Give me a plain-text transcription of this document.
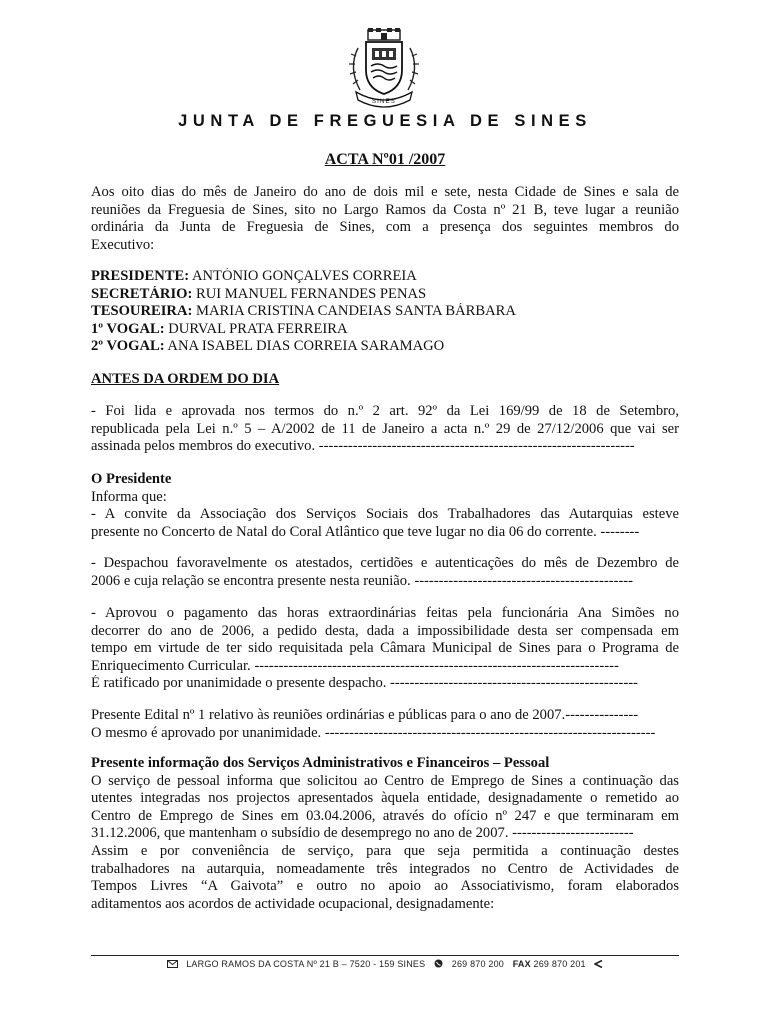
SINES
JUNTA DE FREGUESIA DE SINES
ACTA Nº01 /2007
Aos oito dias do mês de Janeiro do ano de dois mil e sete, nesta Cidade de Sines e sala de
reuniões da Freguesia de Sines, sito no Largo Ramos da Costa nº 21 B, teve lugar a reunião
ordinária da Junta de Freguesia de Sines, com a presença dos seguintes membros do
Executivo:
PRESIDENTE: ANTÓNIO GONÇALVES CORREIA
SECRETÁRIO: RUI MANUEL FERNANDES PENAS
TESOUREIRA: MARIA CRISTINA CANDEIAS SANTA BÁRBARA
1º VOGAL: DURVAL PRATA FERREIRA
2º VOGAL: ANA ISABEL DIAS CORREIA SARAMAGO
ANTES DA ORDEM DO DIA
- Foi lida e aprovada nos termos do n.º 2 art. 92º da Lei 169/99 de 18 de Setembro,
republicada pela Lei n.º 5 – A/2002 de 11 de Janeiro a acta n.º 29 de 27/12/2006 que vai ser
assinada pelos membros do executivo. -----------------------------------------------------------------
O Presidente
Informa que:
- A convite da Associação dos Serviços Sociais dos Trabalhadores das Autarquias esteve
presente no Concerto de Natal do Coral Atlântico que teve lugar no dia 06 do corrente. --------
- Despachou favoravelmente os atestados, certidões e autenticações do mês de Dezembro de
2006 e cuja relação se encontra presente nesta reunião. ---------------------------------------------
- Aprovou o pagamento das horas extraordinárias feitas pela funcionária Ana Simões no
decorrer do ano de 2006, a pedido desta, dada a impossibilidade desta ser compensada em
tempo em virtude de ter sido requisitada pela Câmara Municipal de Sines para o Programa de
Enriquecimento Curricular. ---------------------------------------------------------------------------
É ratificado por unanimidade o presente despacho. ---------------------------------------------------
Presente Edital nº 1 relativo às reuniões ordinárias e públicas para o ano de 2007.---------------
O mesmo é aprovado por unanimidade. --------------------------------------------------------------------
Presente informação dos Serviços Administrativos e Financeiros – Pessoal
O serviço de pessoal informa que solicitou ao Centro de Emprego de Sines a continuação das
utentes integradas nos projectos apresentados àquela entidade, designadamente o remetido ao
Centro de Emprego de Sines em 03.04.2006, através do ofício nº 247 e que terminaram em
31.12.2006, que mantenham o subsídio de desemprego no ano de 2007. -------------------------
Assim e por conveniência de serviço, para que seja permitida a continuação destes
trabalhadores na autarquia, nomeadamente três integrados no Centro de Actividades de
Tempos Livres “A Gaivota” e outro no apoio ao Associativismo, foram elaborados
aditamentos aos acordos de actividade ocupacional, designadamente:
LARGO RAMOS DA COSTA Nº 21 B – 7520 - 159 SINES	269 870 200 FAX 269 870 201
